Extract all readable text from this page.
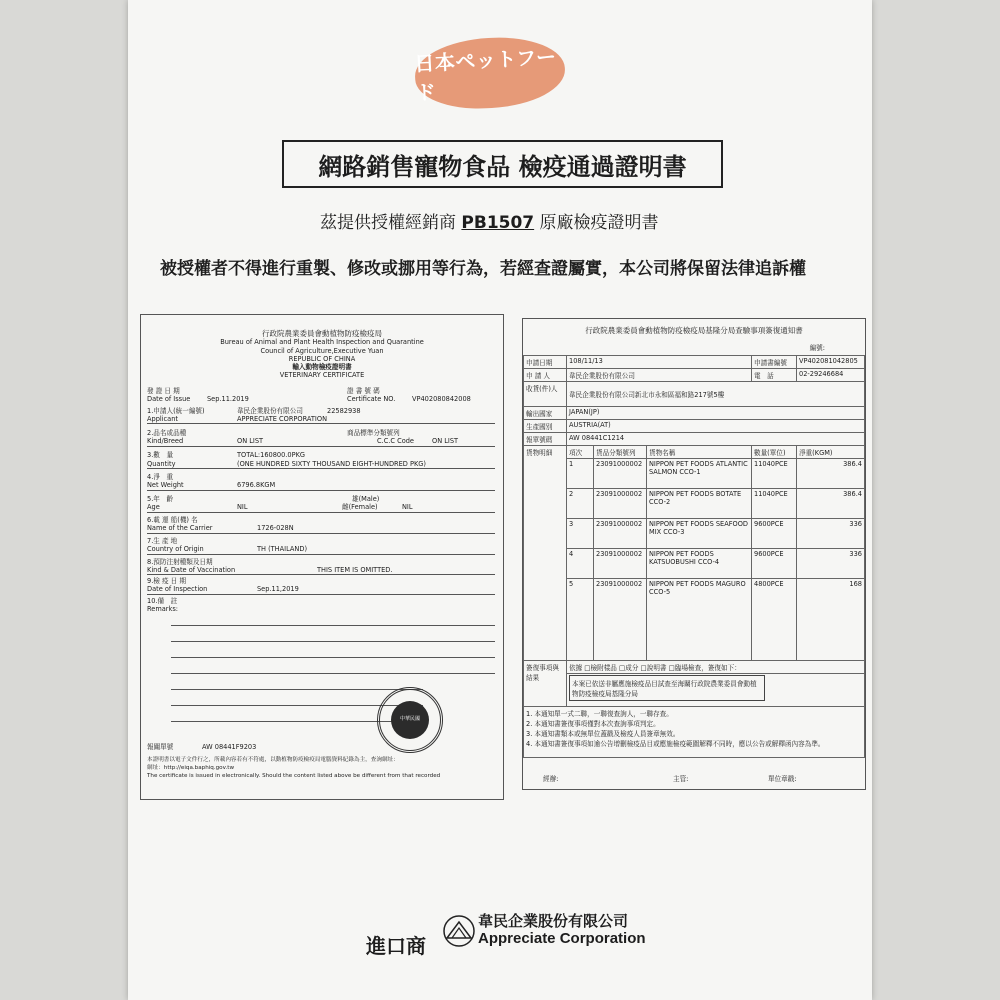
日本ペットフード
網路銷售寵物食品 檢疫通過證明書
茲提供授權經銷商 PB1507 原廠檢疫證明書
被授權者不得進行重製、修改或挪用等行為，若經查證屬實，本公司將保留法律追訴權
行政院農業委員會動植物防疫檢疫局
Bureau of Animal and Plant Health Inspection and Quarantine
Council of Agriculture,Executive Yuan
REPUBLIC OF CHINA
輸入動物檢疫證明書
VETERINARY CERTIFICATE
發 證 日 期	證 書 號 碼
Date of Issue	Sep.11.2019	Certificate NO.	VP402080842008
1.申請人(統一編號)	韋民企業股份有限公司	22582938
Applicant	APPRECIATE CORPORATION
2.品名或品種	商品標準分類號列
Kind/Breed	ON LIST	C.C.C Code	ON LIST
3.數　量	TOTAL:160800.0PKG
Quantity	(ONE HUNDRED SIXTY THOUSAND EIGHT-HUNDRED PKG)
4.淨　重
Net Weight	6796.8KGM
5.年　齡	雄(Male)
Age	NIL	雌(Female)	NIL
6.載 運 船(機) 名
Name of the Carrier	1726-028N
7.生 產 地
Country of Origin	TH (THAILAND)
8.預防注射種類及日期
Kind & Date of Vaccination	THIS ITEM IS OMITTED.
9.檢 疫 日 期
Date of Inspection	Sep.11,2019
10.備　註
Remarks:
中華民國
報關單號	AW 08441F9203
本證明書以電子文件行之，所載內容若有不符處，以動植物防疫檢疫局電腦資料紀錄為主，查詢網址：
網址：http://eiqa.baphiq.gov.tw
The certificate is issued in electronically. Should the content listed above be different from that recorded
行政院農業委員會動植物防疫檢疫局基隆分局查驗事項簽復通知書
編號:
申請日期	108/11/13			申請書編號	VP402081042805
申 請 人	韋民企業股份有限公司			電　話	02-29246684
收貨(件)人	韋民企業股份有限公司新北市永和區福和路217號5樓				
輸出國家	JAPAN(JP)				
生產國別	AUSTRIA(AT)				
報單號碼	AW 08441C1214				
貨物明細	項次	貨品分類號列	貨物名稱	數量(單位)	淨重(KGM)
	1	23091000002	NIPPON PET FOODS ATLANTIC SALMON CCO-1	11040PCE	386.4
	2	23091000002	NIPPON PET FOODS BOTATE CCO-2	11040PCE	386.4
	3	23091000002	NIPPON PET FOODS SEAFOOD MIX CCO-3	9600PCE	336
	4	23091000002	NIPPON PET FOODS KATSUOBUSHI CCO-4	9600PCE	336
	5	23091000002	NIPPON PET FOODS MAGURO CCO-5	4800PCE	168
簽復事項與結果	依據 □檢附樣品 □成分 □說明書 □臨場檢查，簽復如下：				

	本案已依送非屬應施檢疫品目試查至海關行政院農業委員會動植物防疫檢疫局基隆分局				

1. 本通知單一式二聯，一聯復查詢人，一聯存查。
2. 本通知書簽復事項僅對本次查詢事項判定。
3. 本通知書類本或無單位蓋戳及檢疫人員簽章無效。
4. 本通知書簽復事項如逾公告增刪檢疫品目或應施檢疫範圍解釋不同時，應以公告或解釋函內容為準。					
經辦:	主管:	單位章戳:
進口商
韋民企業股份有限公司
Appreciate Corporation
